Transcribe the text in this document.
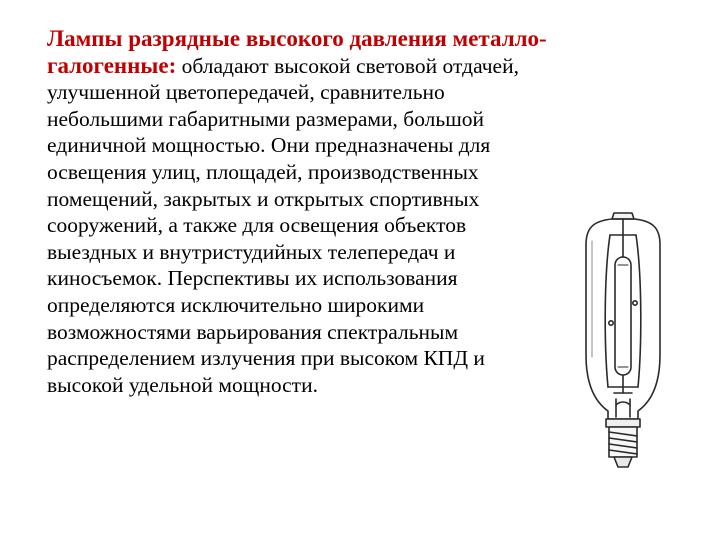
Лампы разрядные высокого давления металло-галогенные: обладают высокой световой отдачей, улучшенной цветопередачей, сравнительно небольшими габаритными размерами, большой единичной мощностью. Они предназначены для освещения улиц, площадей, производственных помещений, закрытых и открытых спортивных сооружений, а также для освещения объектов выездных и внутристудийных телепередач и киносъемок. Перспективы их использования определяются исключительно широкими возможностями варьирования спектральным распределением излучения при высоком КПД и высокой удельной мощности.
